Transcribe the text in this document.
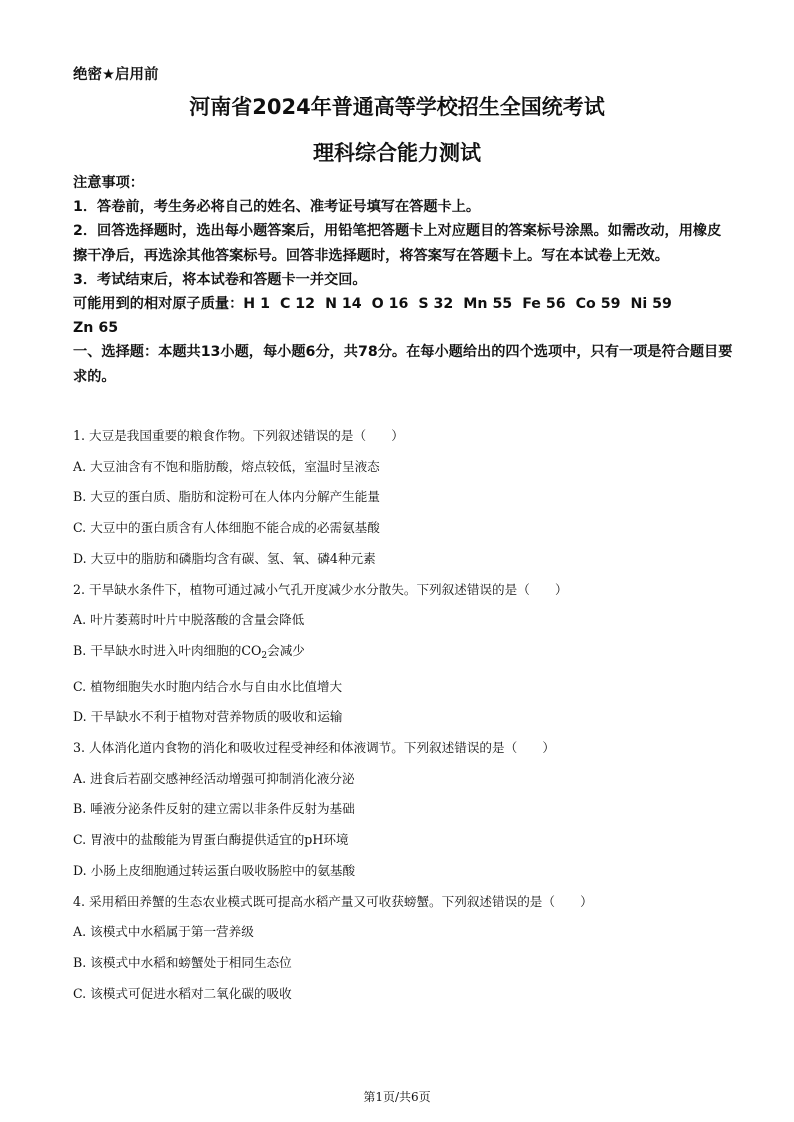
绝密★启用前
河南省2024年普通高等学校招生全国统考试
理科综合能力测试

注意事项：

1．答卷前，考生务必将自己的姓名、准考证号填写在答题卡上。

2．回答选择题时，选出每小题答案后，用铅笔把答题卡上对应题目的答案标号涂黑。如需改动，用橡皮擦干净后，再选涂其他答案标号。回答非选择题时，将答案写在答题卡上。写在本试卷上无效。

3．考试结束后，将本试卷和答题卡一并交回。

可能用到的相对原子质量：H 1 C 12 N 14 O 16 S 32 Mn 55 Fe 56 Co 59 Ni 59
Zn 65

一、选择题：本题共13小题，每小题6分，共78分。在每小题给出的四个选项中，只有一项是符合题目要求的。

1. 大豆是我国重要的粮食作物。下列叙述错误的是（　　）

A. 大豆油含有不饱和脂肪酸，熔点较低，室温时呈液态

B. 大豆的蛋白质、脂肪和淀粉可在人体内分解产生能量

C. 大豆中的蛋白质含有人体细胞不能合成的必需氨基酸

D. 大豆中的脂肪和磷脂均含有碳、氢、氧、磷4种元素

2. 干旱缺水条件下，植物可通过减小气孔开度减少水分散失。下列叙述错误的是（　　）

A. 叶片萎蔫时叶片中脱落酸的含量会降低

B. 干旱缺水时进入叶肉细胞的$CO_2$会减少

C. 植物细胞失水时胞内结合水与自由水比值增大

D. 干旱缺水不利于植物对营养物质的吸收和运输

3. 人体消化道内食物的消化和吸收过程受神经和体液调节。下列叙述错误的是（　　）

A. 进食后若副交感神经活动增强可抑制消化液分泌

B. 唾液分泌条件反射的建立需以非条件反射为基础

C. 胃液中的盐酸能为胃蛋白酶提供适宜的pH环境

D. 小肠上皮细胞通过转运蛋白吸收肠腔中的氨基酸

4. 采用稻田养蟹的生态农业模式既可提高水稻产量又可收获螃蟹。下列叙述错误的是（　　）

A. 该模式中水稻属于第一营养级

B. 该模式中水稻和螃蟹处于相同生态位

C. 该模式可促进水稻对二氧化碳的吸收

第1页/共6页
